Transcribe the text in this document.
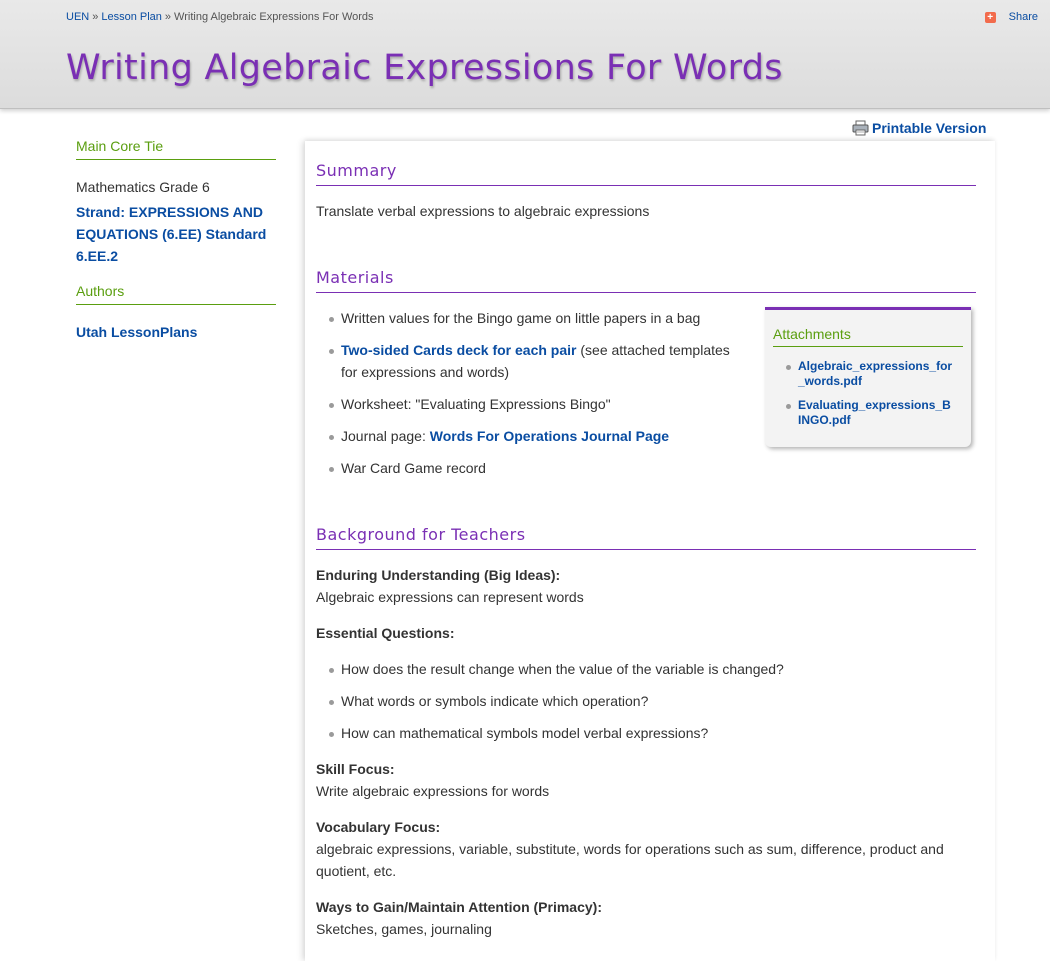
UEN » Lesson Plan » Writing Algebraic Expressions For Words	+ Share
Writing Algebraic Expressions For Words
Printable Version
Main Core Tie

Mathematics Grade 6

Strand: EXPRESSIONS AND EQUATIONS (6.EE) Standard 6.EE.2
Authors
Utah LessonPlans
Summary

Translate verbal expressions to algebraic expressions

Materials
Written values for the Bingo game on little papers in a bag
Two-sided Cards deck for each pair (see attached templates for expressions and words)
Worksheet: "Evaluating Expressions Bingo"
Journal page: Words For Operations Journal Page
War Card Game record
Attachments
Algebraic_expressions_for_words.pdf
Evaluating_expressions_BINGO.pdf
Background for Teachers

Enduring Understanding (Big Ideas):

Algebraic expressions can represent words

Essential Questions:

How does the result change when the value of the variable is changed?
What words or symbols indicate which operation?
How can mathematical symbols model verbal expressions?

Skill Focus:

Write algebraic expressions for words

Vocabulary Focus:

algebraic expressions, variable, substitute, words for operations such as sum, difference, product and quotient, etc.

Ways to Gain/Maintain Attention (Primacy):

Sketches, games, journaling
